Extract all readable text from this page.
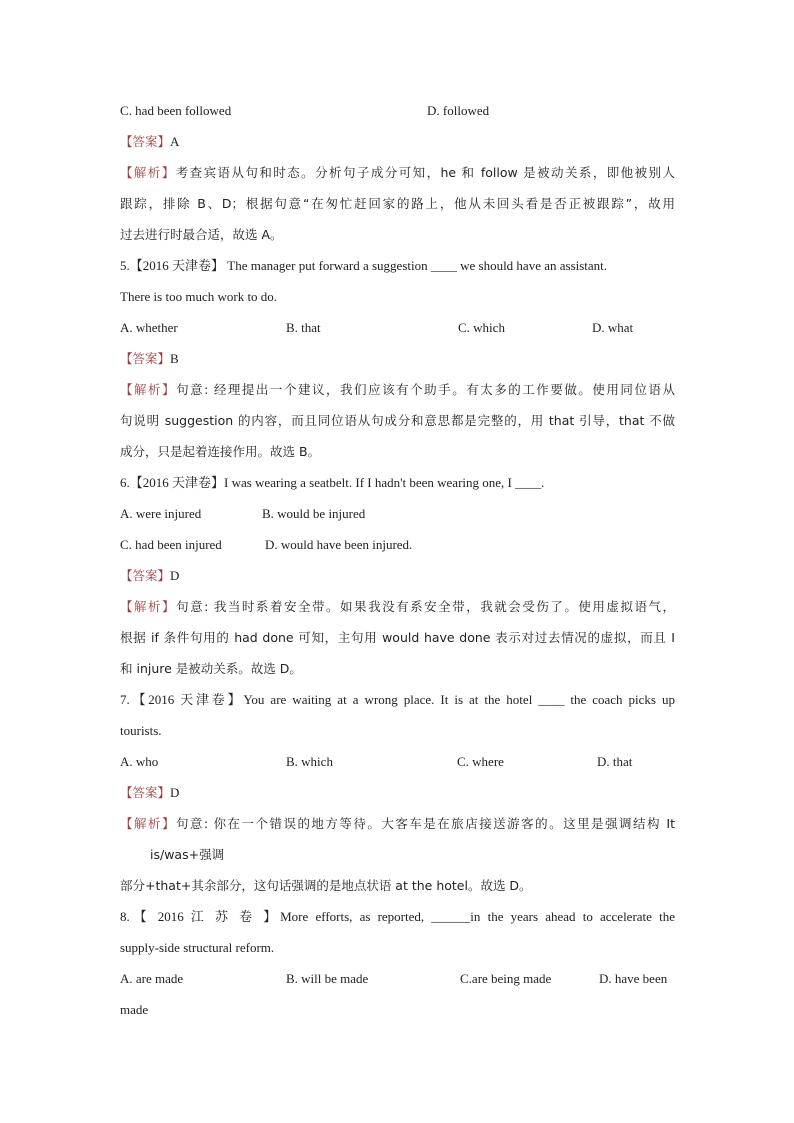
C. had been followed	D. followed
【答案】A
【解析】考查宾语从句和时态。分析句子成分可知，he 和 follow 是被动关系，即他被别人
跟踪，排除 B、D；根据句意“在匆忙赶回家的路上，他从未回头看是否正被跟踪”，故用
过去进行时最合适，故选 A。
5.【2016 天津卷】 The manager put forward a suggestion ____ we should have an assistant.
There is too much work to do.
A. whether	B. that	C. which	D. what
【答案】B
【解析】句意: 经理提出一个建议，我们应该有个助手。有太多的工作要做。使用同位语从
句说明 suggestion 的内容，而且同位语从句成分和意思都是完整的，用 that 引导，that 不做
成分，只是起着连接作用。故选 B。
6.【2016 天津卷】I was wearing a seatbelt. If I hadn't been wearing one, I ____.
A. were injured	B. would be injured
C. had been injured	D. would have been injured.
【答案】D
【解析】句意: 我当时系着安全带。如果我没有系安全带，我就会受伤了。使用虚拟语气，
根据 if 条件句用的 had done 可知，主句用 would have done 表示对过去情况的虚拟，而且 I
和 injure 是被动关系。故选 D。
7.【2016 天津卷】You are waiting at a wrong place. It is at the hotel ____ the coach picks up
tourists.
A. who	B. which	C. where	D. that
【答案】D
【解析】句意: 你在一个错误的地方等待。大客车是在旅店接送游客的。这里是强调结构 It
is/was+强调
部分+that+其余部分，这句话强调的是地点状语 at the hotel。故选 D。
8.【 2016 江 苏 卷 】More efforts, as reported, ______in the years ahead to accelerate the
supply-side structural reform.
A. are made	B. will be made	C.are being made	D. have been
made
